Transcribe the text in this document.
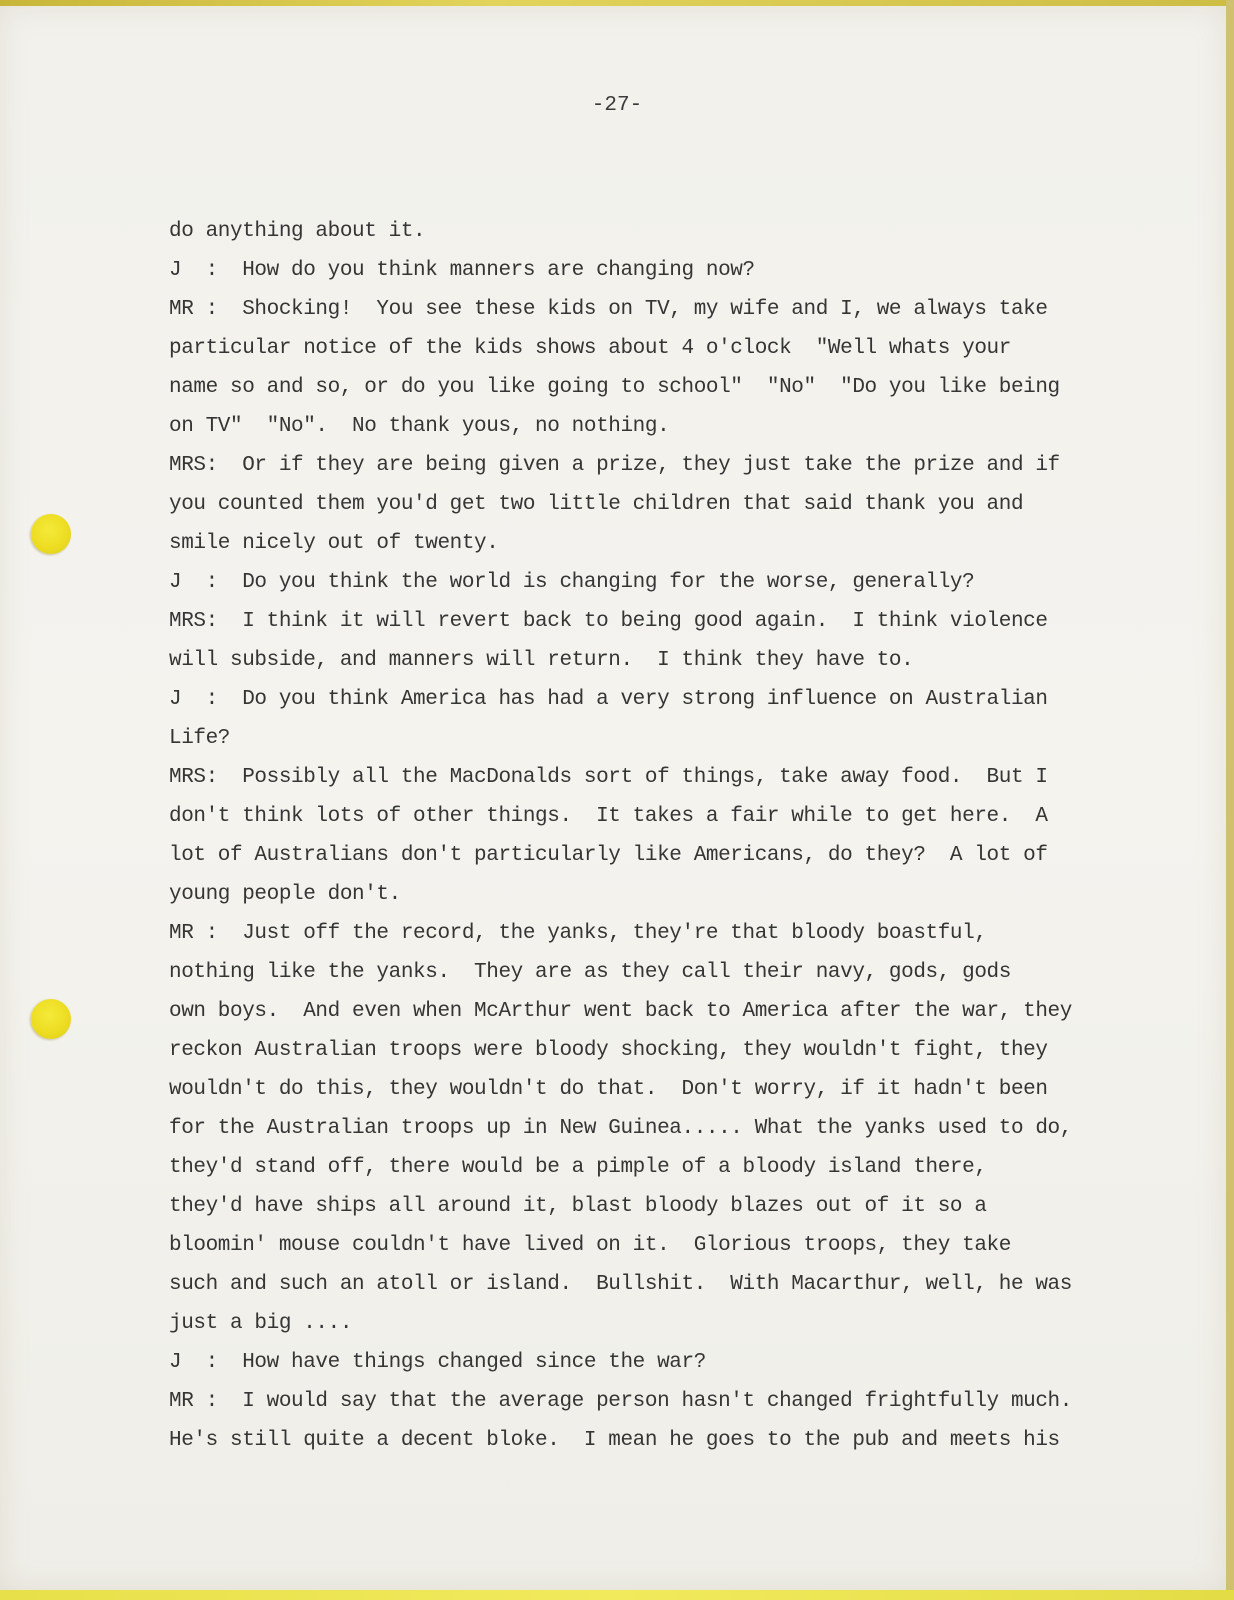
-27-
do anything about it.
J  :  How do you think manners are changing now?
MR :  Shocking!  You see these kids on TV, my wife and I, we always take
particular notice of the kids shows about 4 o'clock  "Well whats your
name so and so, or do you like going to school"  "No"  "Do you like being
on TV"  "No".  No thank yous, no nothing.
MRS:  Or if they are being given a prize, they just take the prize and if
you counted them you'd get two little children that said thank you and
smile nicely out of twenty.
J  :  Do you think the world is changing for the worse, generally?
MRS:  I think it will revert back to being good again.  I think violence
will subside, and manners will return.  I think they have to.
J  :  Do you think America has had a very strong influence on Australian
Life?
MRS:  Possibly all the MacDonalds sort of things, take away food.  But I
don't think lots of other things.  It takes a fair while to get here.  A
lot of Australians don't particularly like Americans, do they?  A lot of
young people don't.
MR :  Just off the record, the yanks, they're that bloody boastful,
nothing like the yanks.  They are as they call their navy, gods, gods
own boys.  And even when McArthur went back to America after the war, they
reckon Australian troops were bloody shocking, they wouldn't fight, they
wouldn't do this, they wouldn't do that.  Don't worry, if it hadn't been
for the Australian troops up in New Guinea..... What the yanks used to do,
they'd stand off, there would be a pimple of a bloody island there,
they'd have ships all around it, blast bloody blazes out of it so a
bloomin' mouse couldn't have lived on it.  Glorious troops, they take
such and such an atoll or island.  Bullshit.  With Macarthur, well, he was
just a big ....
J  :  How have things changed since the war?
MR :  I would say that the average person hasn't changed frightfully much.
He's still quite a decent bloke.  I mean he goes to the pub and meets his
